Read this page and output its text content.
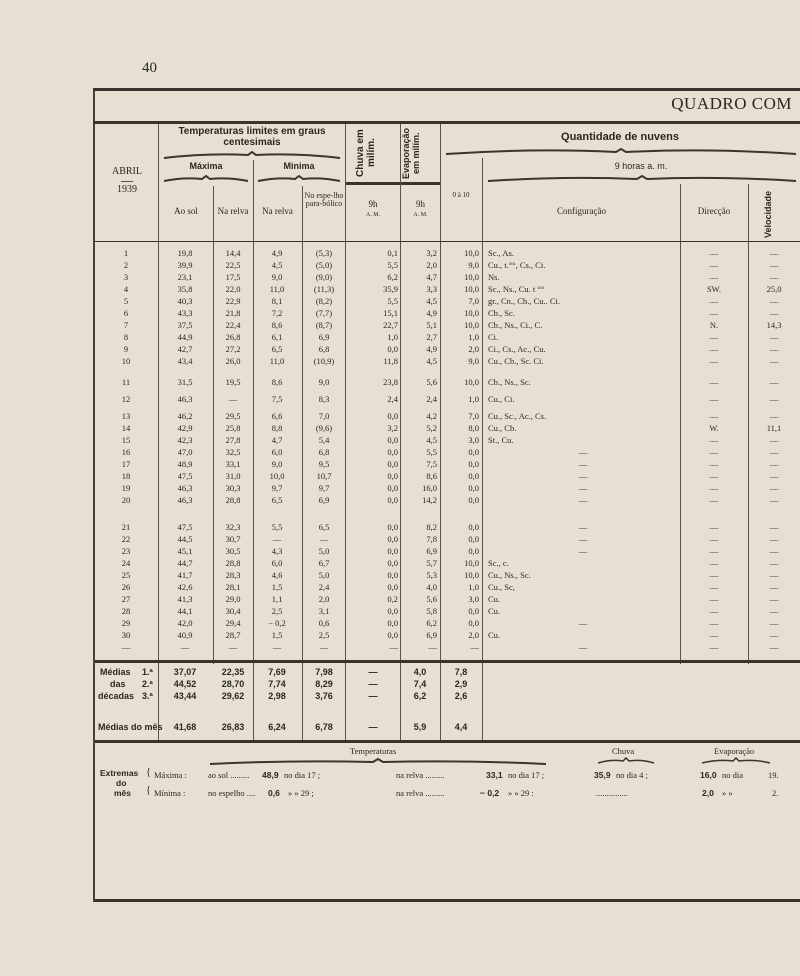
40
QUADRO COM
Temperaturas limites em graus centesimais
Máxima	Minima
ABRIL
1939
Ao sol	Na relva	Na relva
No espe-lho para-bólico
Chuva em milím.
9h
A. M.
Evaporação em milím.
9h
A. M.
Quantidade de nuvens
9 horas a. m.
0 à 10
Configuração	Direcção	Velocidade
1	19,8	14,4	4,9	(5,3)	0,1	3,2	10,0 Sc., As.	—	—
2	39,9	22,5	4,5	(5,0)	5,5	2,0	9,0 Cu., t.°°, Cs., Ci.	—	—
3	23,1	17,5	9,0	(9,0)	6,2	4,7	10,0 Ns.	—	—
4	35,8	22,0	11,0	(11,3)	35,9	3,3	10,0 Sc., Ns., Cu. t °°	SW.	25,0
5	40,3	22,9	8,1	(8,2)	5,5	4,5	7,0 gr., Cn., Cb., Cu.. Ci.	—	—
6	43,3	21,8	7,2	(7,7)	15,1	4,9	10,0 Cb., Sc.	—	—
7	37,5	22,4	8,6	(8,7)	22,7	5,1	10,0 Cb., Ns., Ci., C.	N.	14,3
8	44,9	26,8	6,1	6,9	1,0	2,7	1,0 Ci.	—	—
9	42,7	27,2	6,5	6,8	0,0	4,9	2,0 Ci., Cs., Ac., Cu.	—	—
10	43,4	26,0	11,0	(10,9)	11,8	4,5	9,0 Cu., Cb., Sc. Ci.	—	—
11	31,5	19,5	8,6	9,0	23,8	5,6	10,0 Cb., Ns., Sc.	—	—
12	46,3	—	7,5	8,3	2,4	2,4	1,0 Cu., Ci.	—	—
13	46,2	29,5	6,6	7,0	0,0	4,2	7,0 Cu., Sc., Ac., Cs.	—	—
14	42,9	25,8	8,8	(9,6)	3,2	5,2	8,0 Cu., Cb.	W.	11,1
15	42,3	27,8	4,7	5,4	0,0	4,5	3,0 St., Cu.	—	—
16	47,0	32,5	6,0	6,8	0,0	5,5	0,0	—	—	—
17	48,9	33,1	9,0	9,5	0,0	7,5	0,0	—	—	—
18	47,5	31,0	10,0	10,7	0,0	8,6	0,0	—	—	—
19	46,3	30,3	9,7	9,7	0,0	16,0	0,0	—	—	—
20	46,3	28,8	6,5	6,9	0,0	14,2	0,0	—	—	—
21	47,5	32,3	5,5	6,5	0,0	8,2	0,0	—	—	—
22	44,5	30,7	—	—	0,0	7,8	0,0	—	—	—
23	45,1	30,5	4,3	5,0	0,0	6,9	0,0	—	—	—
24	44,7	28,8	6,0	6,7	0,0	5,7	10,0 Sc., c.	—	—
25	41,7	28,3	4,6	5,0	0,0	5,3	10,0 Cu., Ns., Sc.	—	—
26	42,6	28,1	1,5	2,4	0,0	4,0	1,0 Cu., Sc,	—	—
27	41,3	29,0	1,1	2,0	0,2	5,6	3,0 Cu.	—	—
28	44,1	30,4	2,5	3,1	0,0	5,8	0,0 Cu.	—	—
29	42,0	29,4	− 0,2	0,6	0,0	6,2	0,0	—	—	—
30	40,9	28,7	1,5	2,5	0,0	6,9	2,0 Cu.	—	—
—	—	—	—	—	—	—	—	—	—	—
Médias
das
décadas
1.ª	37,07	22,35	7,69	7,98	—	4,0	7,8
2.ª	44,52	28,70	7,74	8,29	—	7,4	2,9
3.ª	43,44	29,62	2,98	3,76	—	6,2	2,6
Médias do mês	41,68	26,83	6,24	6,78	—	5,9	4,4
Temperaturas	Chuva	Evaporação
Extremas
do
mês
{
{
Máxima :
Mínima :
ao sol ......... 48,9 no dia 17 ;	na relva .........	33,1 no dia 17 ;	35,9 no dia 4 ;	16,0 no dia	19.
no espelho .... 0,6 » » 29 ;	na relva .........	− 0,2 » » 29 :	...............	2,0 » »	2.
